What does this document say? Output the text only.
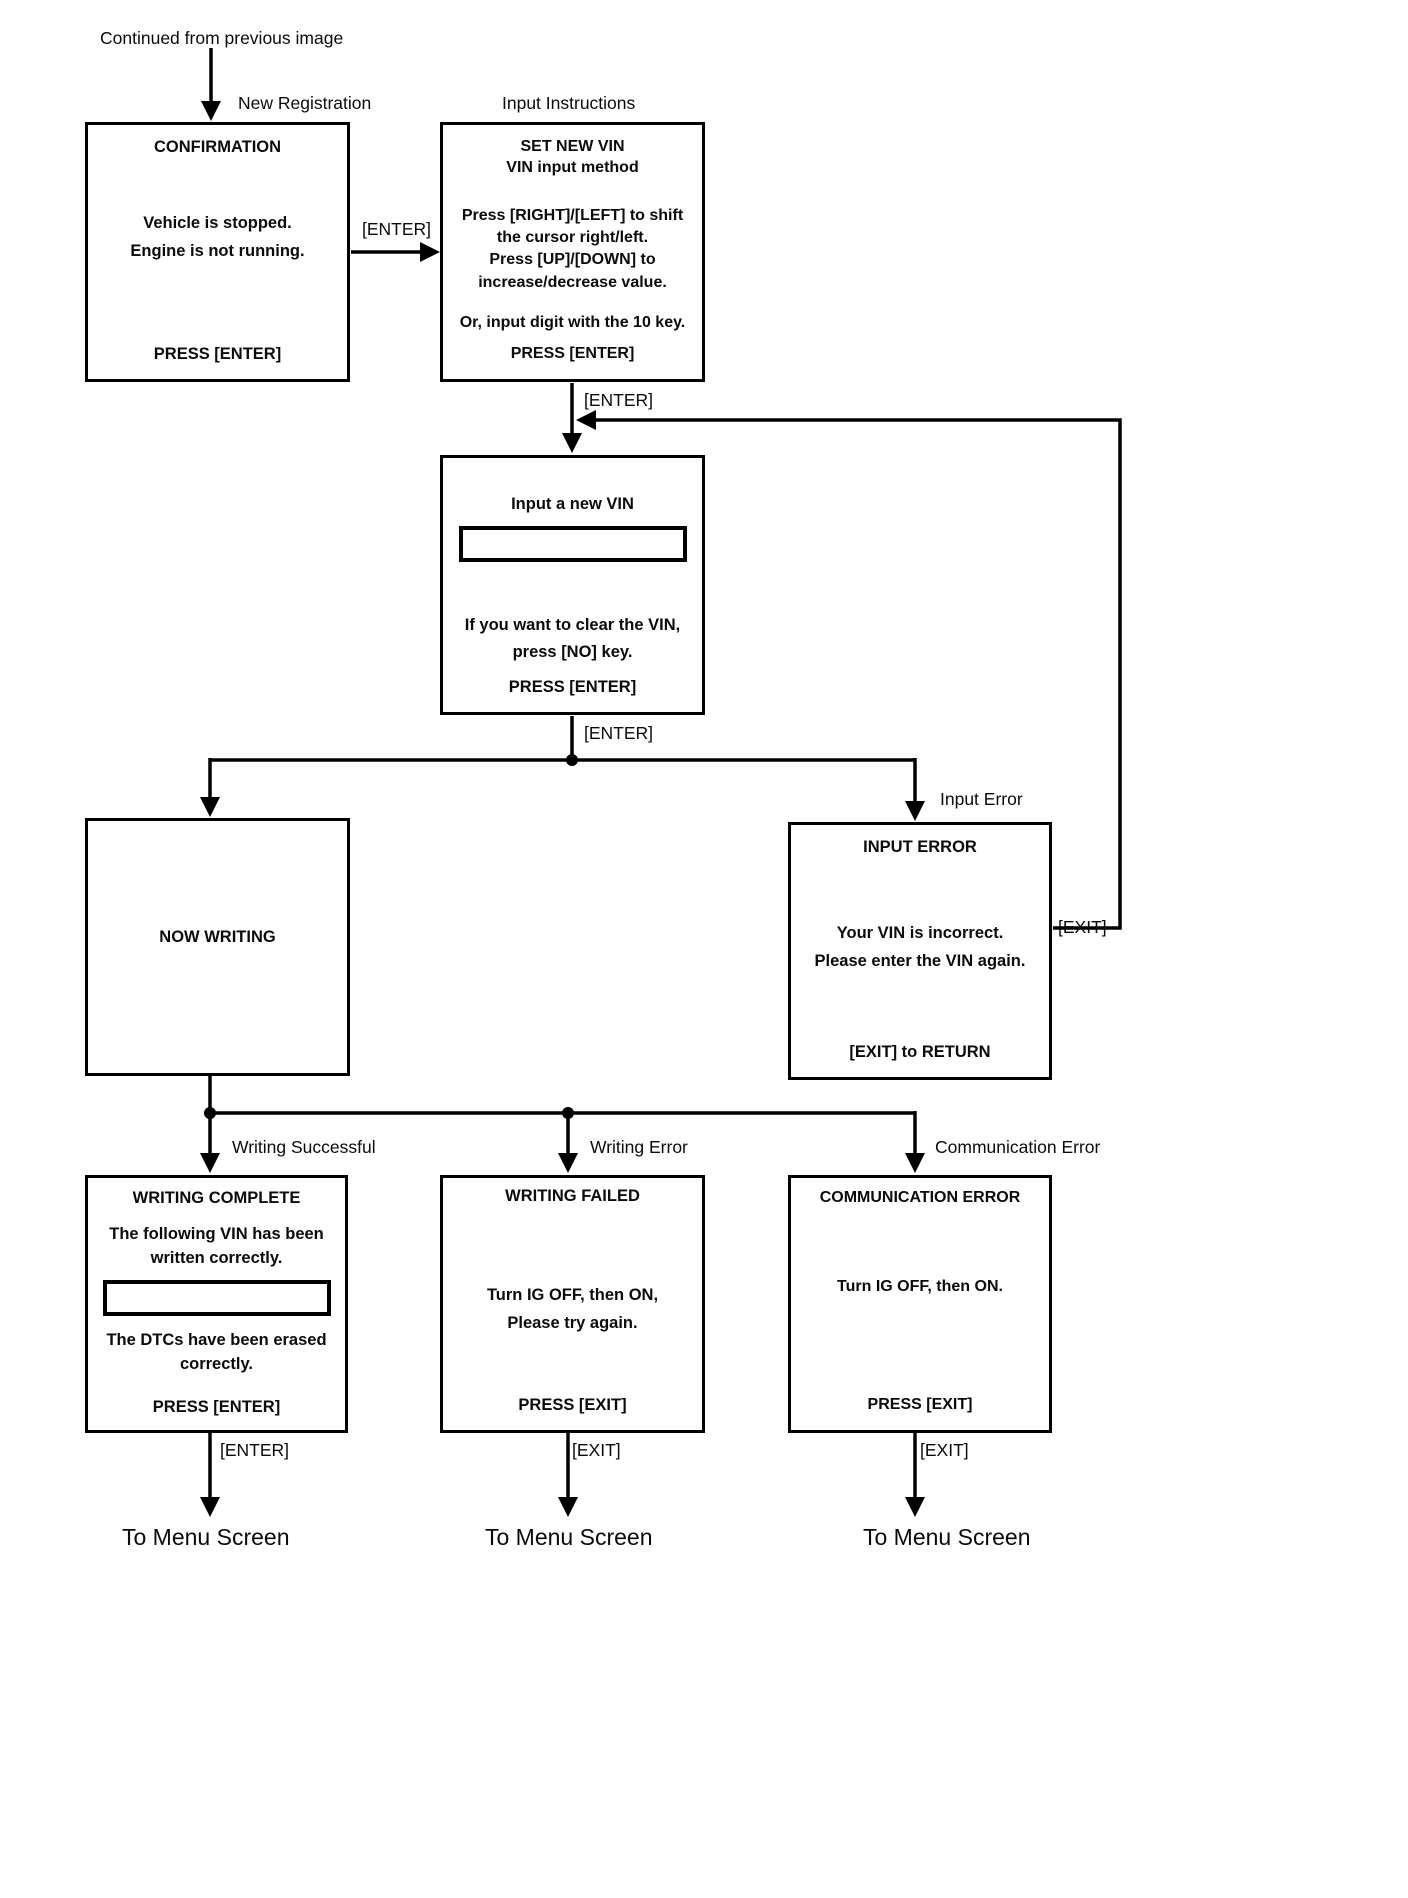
Continued from previous image
New Registration	Input Instructions
[ENTER]
[ENTER]
[ENTER]
Input Error
[EXIT]
Writing Successful	Writing Error	Communication Error
[ENTER]	[EXIT]	[EXIT]
To Menu Screen	To Menu Screen	To Menu Screen
CONFIRMATION
Vehicle is stopped.
Engine is not running.
PRESS [ENTER]
SET NEW VIN
VIN input method
Press [RIGHT]/[LEFT] to shift
the cursor right/left.
Press [UP]/[DOWN] to
increase/decrease value.
Or, input digit with the 10 key.
PRESS [ENTER]
Input a new VIN
If you want to clear the VIN,
press [NO] key.
PRESS [ENTER]
NOW WRITING
INPUT ERROR
Your VIN is incorrect.
Please enter the VIN again.
[EXIT] to RETURN
WRITING COMPLETE
The following VIN has been
written correctly.
The DTCs have been erased
correctly.
PRESS [ENTER]
WRITING FAILED
Turn IG OFF, then ON,
Please try again.
PRESS [EXIT]
COMMUNICATION ERROR
Turn IG OFF, then ON.
PRESS [EXIT]
